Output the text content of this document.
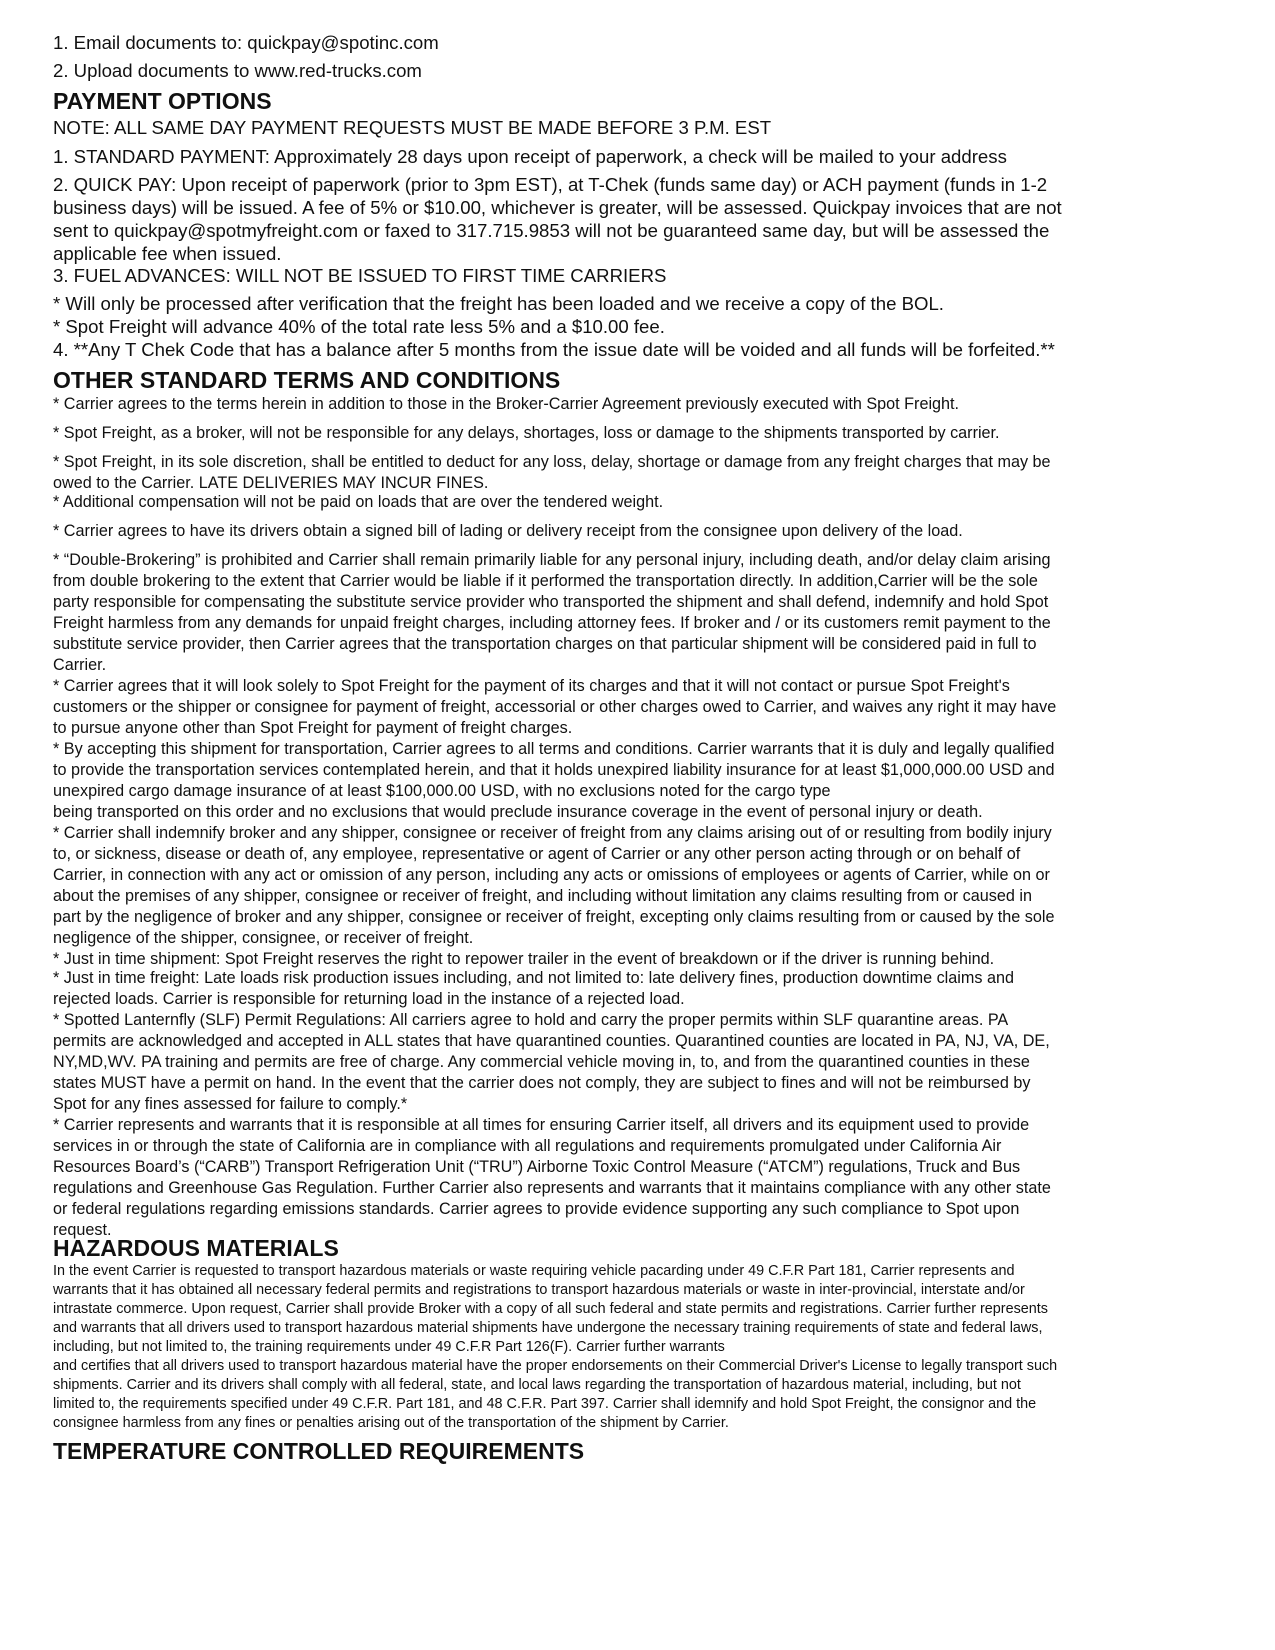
1. Email documents to: quickpay@spotinc.com
2. Upload documents to www.red-trucks.com
PAYMENT OPTIONS
NOTE: ALL SAME DAY PAYMENT REQUESTS MUST BE MADE BEFORE 3 P.M. EST
1. STANDARD PAYMENT: Approximately 28 days upon receipt of paperwork, a check will be mailed to your address
2. QUICK PAY: Upon receipt of paperwork (prior to 3pm EST), at T-Chek (funds same day) or ACH payment (funds in 1-2
business days) will be issued. A fee of 5% or $10.00, whichever is greater, will be assessed. Quickpay invoices that are not
sent to quickpay@spotmyfreight.com or faxed to 317.715.9853 will not be guaranteed same day, but will be assessed the
applicable fee when issued.
3. FUEL ADVANCES: WILL NOT BE ISSUED TO FIRST TIME CARRIERS
* Will only be processed after verification that the freight has been loaded and we receive a copy of the BOL.
* Spot Freight will advance 40% of the total rate less 5% and a $10.00 fee.
4. **Any T Chek Code that has a balance after 5 months from the issue date will be voided and all funds will be forfeited.**
OTHER STANDARD TERMS AND CONDITIONS
* Carrier agrees to the terms herein in addition to those in the Broker-Carrier Agreement previously executed with Spot Freight.
* Spot Freight, as a broker, will not be responsible for any delays, shortages, loss or damage to the shipments transported by carrier.
* Spot Freight, in its sole discretion, shall be entitled to deduct for any loss, delay, shortage or damage from any freight charges that may be
owed to the Carrier. LATE DELIVERIES MAY INCUR FINES.
* Additional compensation will not be paid on loads that are over the tendered weight.
* Carrier agrees to have its drivers obtain a signed bill of lading or delivery receipt from the consignee upon delivery of the load.
* “Double-Brokering” is prohibited and Carrier shall remain primarily liable for any personal injury, including death, and/or delay claim arising
from double brokering to the extent that Carrier would be liable if it performed the transportation directly. In addition,Carrier will be the sole
party responsible for compensating the substitute service provider who transported the shipment and shall defend, indemnify and hold Spot
Freight harmless from any demands for unpaid freight charges, including attorney fees. If broker and / or its customers remit payment to the
substitute service provider, then Carrier agrees that the transportation charges on that particular shipment will be considered paid in full to
Carrier.
* Carrier agrees that it will look solely to Spot Freight for the payment of its charges and that it will not contact or pursue Spot Freight's
customers or the shipper or consignee for payment of freight, accessorial or other charges owed to Carrier, and waives any right it may have
to pursue anyone other than Spot Freight for payment of freight charges.
* By accepting this shipment for transportation, Carrier agrees to all terms and conditions. Carrier warrants that it is duly and legally qualified
to provide the transportation services contemplated herein, and that it holds unexpired liability insurance for at least $1,000,000.00 USD and
unexpired cargo damage insurance of at least $100,000.00 USD, with no exclusions noted for the cargo type
being transported on this order and no exclusions that would preclude insurance coverage in the event of personal injury or death.
* Carrier shall indemnify broker and any shipper, consignee or receiver of freight from any claims arising out of or resulting from bodily injury
to, or sickness, disease or death of, any employee, representative or agent of Carrier or any other person acting through or on behalf of
Carrier, in connection with any act or omission of any person, including any acts or omissions of employees or agents of Carrier, while on or
about the premises of any shipper, consignee or receiver of freight, and including without limitation any claims resulting from or caused in
part by the negligence of broker and any shipper, consignee or receiver of freight, excepting only claims resulting from or caused by the sole
negligence of the shipper, consignee, or receiver of freight.
* Just in time shipment: Spot Freight reserves the right to repower trailer in the event of breakdown or if the driver is running behind.
* Just in time freight: Late loads risk production issues including, and not limited to: late delivery fines, production downtime claims and
rejected loads. Carrier is responsible for returning load in the instance of a rejected load.
* Spotted Lanternfly (SLF) Permit Regulations: All carriers agree to hold and carry the proper permits within SLF quarantine areas. PA
permits are acknowledged and accepted in ALL states that have quarantined counties. Quarantined counties are located in PA, NJ, VA, DE,
NY,MD,WV. PA training and permits are free of charge. Any commercial vehicle moving in, to, and from the quarantined counties in these
states MUST have a permit on hand. In the event that the carrier does not comply, they are subject to fines and will not be reimbursed by
Spot for any fines assessed for failure to comply.*
* Carrier represents and warrants that it is responsible at all times for ensuring Carrier itself, all drivers and its equipment used to provide
services in or through the state of California are in compliance with all regulations and requirements promulgated under California Air
Resources Board’s (“CARB”) Transport Refrigeration Unit (“TRU”) Airborne Toxic Control Measure (“ATCM”) regulations, Truck and Bus
regulations and Greenhouse Gas Regulation. Further Carrier also represents and warrants that it maintains compliance with any other state
or federal regulations regarding emissions standards. Carrier agrees to provide evidence supporting any such compliance to Spot upon
request.
HAZARDOUS MATERIALS
In the event Carrier is requested to transport hazardous materials or waste requiring vehicle pacarding under 49 C.F.R Part 181, Carrier represents and
warrants that it has obtained all necessary federal permits and registrations to transport hazardous materials or waste in inter-provincial, interstate and/or
intrastate commerce. Upon request, Carrier shall provide Broker with a copy of all such federal and state permits and registrations. Carrier further represents
and warrants that all drivers used to transport hazardous material shipments have undergone the necessary training requirements of state and federal laws,
including, but not limited to, the training requirements under 49 C.F.R Part 126(F). Carrier further warrants
and certifies that all drivers used to transport hazardous material have the proper endorsements on their Commercial Driver's License to legally transport such
shipments. Carrier and its drivers shall comply with all federal, state, and local laws regarding the transportation of hazardous material, including, but not
limited to, the requirements specified under 49 C.F.R. Part 181, and 48 C.F.R. Part 397. Carrier shall idemnify and hold Spot Freight, the consignor and the
consignee harmless from any fines or penalties arising out of the transportation of the shipment by Carrier.
TEMPERATURE CONTROLLED REQUIREMENTS
